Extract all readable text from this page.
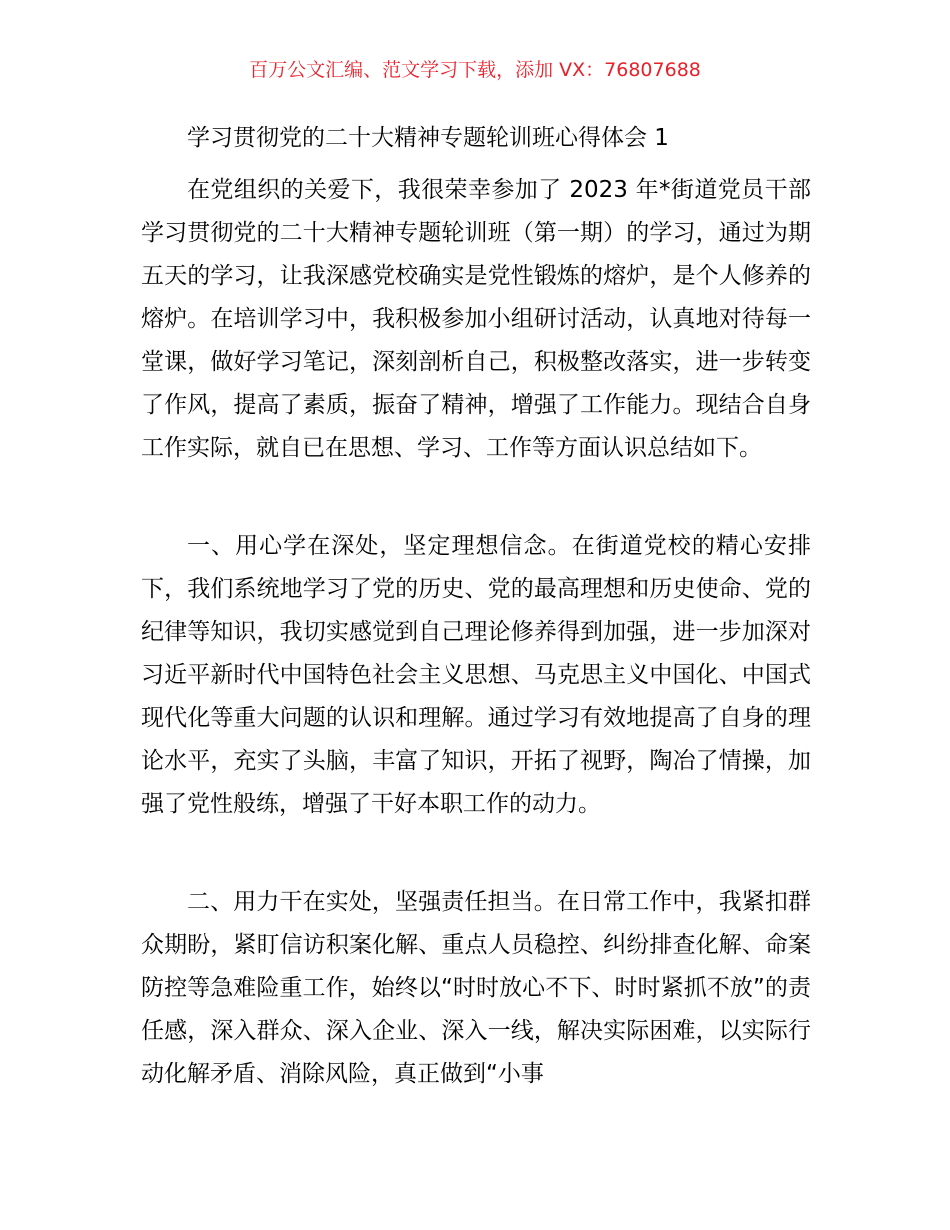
百万公文汇编、范文学习下载，添加 VX：76807688
学习贯彻党的二十大精神专题轮训班心得体会 1

在党组织的关爱下，我很荣幸参加了 2023 年*街道党员干部学习贯彻党的二十大精神专题轮训班（第一期）的学习，通过为期五天的学习，让我深感党校确实是党性锻炼的熔炉，是个人修养的熔炉。在培训学习中，我积极参加小组研讨活动，认真地对待每一堂课，做好学习笔记，深刻剖析自己，积极整改落实，进一步转变了作风，提高了素质，振奋了精神，增强了工作能力。现结合自身工作实际，就自已在思想、学习、工作等方面认识总结如下。

一、用心学在深处，坚定理想信念。在街道党校的精心安排下，我们系统地学习了党的历史、党的最高理想和历史使命、党的纪律等知识，我切实感觉到自己理论修养得到加强，进一步加深对习近平新时代中国特色社会主义思想、马克思主义中国化、中国式现代化等重大问题的认识和理解。通过学习有效地提高了自身的理论水平，充实了头脑，丰富了知识，开拓了视野，陶冶了情操，加强了党性般练，增强了干好本职工作的动力。

二、用力干在实处，坚强责任担当。在日常工作中，我紧扣群众期盼，紧盯信访积案化解、重点人员稳控、纠纷排查化解、命案防控等急难险重工作，始终以“时时放心不下、时时紧抓不放”的责任感，深入群众、深入企业、深入一线，解决实际困难，以实际行动化解矛盾、消除风险，真正做到“小事
